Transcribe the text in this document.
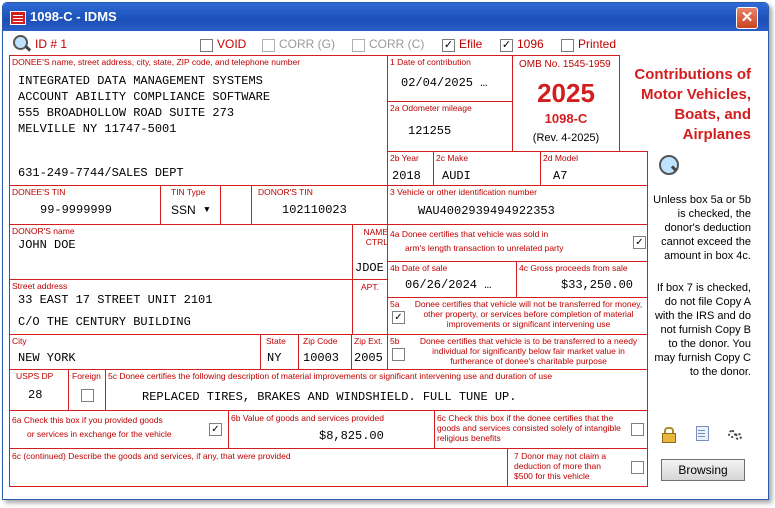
1098-C - IDMS	✕
ID # 1	VOID	CORR (G)	CORR (C) ✓ Efile ✓ 1096	Printed
DONEE'S name, street address, city, state, ZIP code, and telephone number
INTEGRATED DATA MANAGEMENT SYSTEMS
ACCOUNT ABILITY COMPLIANCE SOFTWARE
555 BROADHOLLOW ROAD SUITE 273
MELVILLE NY 11747-5001
631-249-7744/SALES DEPT
1 Date of contribution
02/04/2025 …
OMB No. 1545-1959
2025
1098-C
(Rev. 4-2025)
Contributions of Motor Vehicles, Boats, and Airplanes
2a Odometer mileage
121255
2b Year
2018
2c Make
AUDI
2d Model
A7
DONEE'S TIN
99-9999999
TIN Type
SSN ▾
DONOR'S TIN
102110023
3 Vehicle or other identification number
WAU4002939494922353
DONOR'S name
JOHN DOE
NAME CTRL
JDOE
4a Donee certifies that vehicle was sold in
arm's length transaction to unrelated party	✓
Street address
33 EAST 17 STREET UNIT 2101
C/O THE CENTURY BUILDING
APT.
4b Date of sale
06/26/2024 …
4c Gross proceeds from sale
$33,250.00
5a
✓
Donee certifies that vehicle will not be transferred for money, other property, or services before completion of material improvements or significant intervening use
City
NEW YORK
State
NY
Zip Code
10003
Zip Ext.
2005
5b	Donee certifies that vehicle is to be transferred to a needy individual for significantly below fair market value in furtherance of donee's charitable purpose
USPS DP
28
Foreign 5c Donee certifies the following description of material improvements or significant intervening use and duration of use
REPLACED TIRES, BRAKES AND WINDSHIELD. FULL TUNE UP.
6a Check this box if you provided goods
or services in exchange for the vehicle	✓
6b Value of goods and services provided
$8,825.00
6c Check this box if the donee certifies that the goods and services consisted solely of intangible religious benefits
6c (continued) Describe the goods and services, if any, that were provided	7 Donor may not claim a deduction of more than $500 for this vehicle
Unless box 5a or 5b is checked, the donor's deduction cannot exceed the amount in box 4c.
If box 7 is checked, do not file Copy A with the IRS and do not furnish Copy B to the donor. You may furnish Copy C to the donor.
Browsing
